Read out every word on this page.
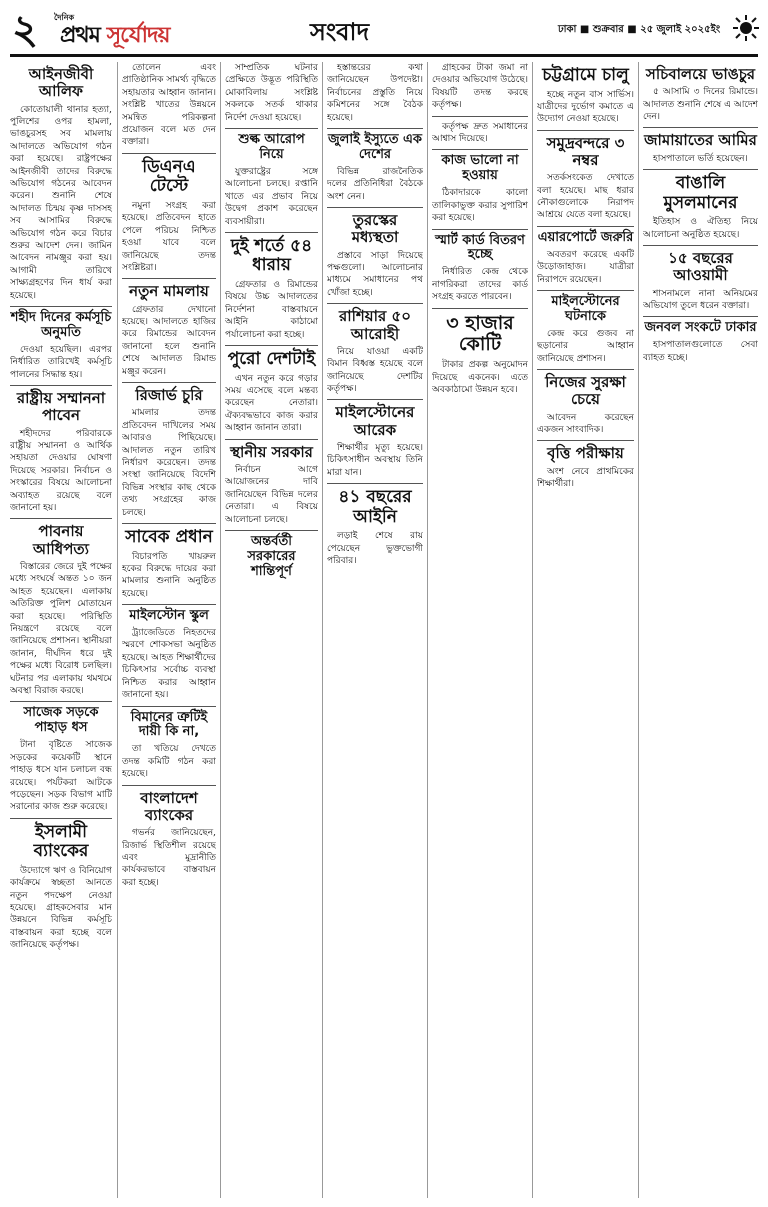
২ দৈনিক
প্রথম সূর্যোদয়	সংবাদ	ঢাকা ■ শুক্রবার ■ ২৫ জুলাই ২০২৫ইং
আইনজীবী আলিফ

কোতোয়ালী থানার হত্যা, পুলিশের ওপর হামলা, ভাঙচুরসহ সব মামলায় আদালতে অভিযোগ গঠন করা হয়েছে। রাষ্ট্রপক্ষের আইনজীবী তাদের বিরুদ্ধে অভিযোগ গঠনের আবেদন করেন। শুনানি শেষে আদালত চিন্ময় কৃষ্ণ দাসসহ সব আসামির বিরুদ্ধে অভিযোগ গঠন করে বিচার শুরুর আদেশ দেন। জামিন আবেদন নামঞ্জুর করা হয়। আগামী তারিখে সাক্ষ্যগ্রহণের দিন ধার্য করা হয়েছে।

শহীদ দিনের কর্মসূচি অনুমতি

দেওয়া হয়েছিল। এরপর নির্ধারিত তারিখেই কর্মসূচি পালনের সিদ্ধান্ত হয়।

রাষ্ট্রীয় সম্মাননা পাবেন

শহীদদের পরিবারকে রাষ্ট্রীয় সম্মাননা ও আর্থিক সহায়তা দেওয়ার ঘোষণা দিয়েছে সরকার। নির্বাচন ও সংস্কারের বিষয়ে আলোচনা অব্যাহত রয়েছে বলে জানানো হয়।

পাবনায় আধিপত্য

বিস্তারের জেরে দুই পক্ষের মধ্যে সংঘর্ষে অন্তত ১০ জন আহত হয়েছেন। এলাকায় অতিরিক্ত পুলিশ মোতায়েন করা হয়েছে। পরিস্থিতি নিয়ন্ত্রণে রয়েছে বলে জানিয়েছে প্রশাসন। স্থানীয়রা জানান, দীর্ঘদিন ধরে দুই পক্ষের মধ্যে বিরোধ চলছিল। ঘটনার পর এলাকায় থমথমে অবস্থা বিরাজ করছে।

সাজেক সড়কে পাহাড় ধস

টানা বৃষ্টিতে সাজেক সড়কের কয়েকটি স্থানে পাহাড় ধসে যান চলাচল বন্ধ রয়েছে। পর্যটকরা আটকে পড়েছেন। সড়ক বিভাগ মাটি সরানোর কাজ শুরু করেছে।

ইসলামী ব্যাংকের

উদ্যোগে ঋণ ও বিনিয়োগ কার্যক্রমে স্বচ্ছতা আনতে নতুন পদক্ষেপ নেওয়া হয়েছে। গ্রাহকসেবার মান উন্নয়নে বিভিন্ন কর্মসূচি বাস্তবায়ন করা হচ্ছে বলে জানিয়েছে কর্তৃপক্ষ।

তোলেন এবং প্রাতিষ্ঠানিক সামর্থ্য বৃদ্ধিতে সহায়তার আহ্বান জানান। সংশ্লিষ্ট খাতের উন্নয়নে সমন্বিত পরিকল্পনা প্রয়োজন বলে মত দেন বক্তারা।

ডিএনএ টেস্টে

নমুনা সংগ্রহ করা হয়েছে। প্রতিবেদন হাতে পেলে পরিচয় নিশ্চিত হওয়া যাবে বলে জানিয়েছে তদন্ত সংশ্লিষ্টরা।

নতুন মামলায়

গ্রেফতার দেখানো হয়েছে। আদালতে হাজির করে রিমান্ডের আবেদন জানানো হলে শুনানি শেষে আদালত রিমান্ড মঞ্জুর করেন।

রিজার্ভ চুরি

মামলার তদন্ত প্রতিবেদন দাখিলের সময় আবারও পিছিয়েছে। আদালত নতুন তারিখ নির্ধারণ করেছেন। তদন্ত সংস্থা জানিয়েছে বিদেশি বিভিন্ন সংস্থার কাছ থেকে তথ্য সংগ্রহের কাজ চলছে।

সাবেক প্রধান

বিচারপতি খায়রুল হকের বিরুদ্ধে দায়ের করা মামলার শুনানি অনুষ্ঠিত হয়েছে।

মাইলস্টোন স্কুল

ট্র্যাজেডিতে নিহতদের স্মরণে শোকসভা অনুষ্ঠিত হয়েছে। আহত শিক্ষার্থীদের চিকিৎসার সর্বোচ্চ ব্যবস্থা নিশ্চিত করার আহ্বান জানানো হয়।

বিমানের ত্রুটিই দায়ী কি না,

তা খতিয়ে দেখতে তদন্ত কমিটি গঠন করা হয়েছে।

বাংলাদেশ ব্যাংকের

গভর্নর জানিয়েছেন, রিজার্ভ স্থিতিশীল রয়েছে এবং মুদ্রানীতি কার্যকরভাবে বাস্তবায়ন করা হচ্ছে।

সাম্প্রতিক ঘটনার প্রেক্ষিতে উদ্ভূত পরিস্থিতি মোকাবিলায় সংশ্লিষ্ট সকলকে সতর্ক থাকার নির্দেশ দেওয়া হয়েছে।

শুল্ক আরোপ নিয়ে

যুক্তরাষ্ট্রের সঙ্গে আলোচনা চলছে। রপ্তানি খাতে এর প্রভাব নিয়ে উদ্বেগ প্রকাশ করেছেন ব্যবসায়ীরা।

দুই শর্তে ৫৪ ধারায়

গ্রেফতার ও রিমান্ডের বিষয়ে উচ্চ আদালতের নির্দেশনা বাস্তবায়নে আইনি কাঠামো পর্যালোচনা করা হচ্ছে।

পুরো দেশটাই

এখন নতুন করে গড়ার সময় এসেছে বলে মন্তব্য করেছেন নেতারা। ঐক্যবদ্ধভাবে কাজ করার আহ্বান জানান তারা।

স্থানীয় সরকার

নির্বাচন আগে আয়োজনের দাবি জানিয়েছেন বিভিন্ন দলের নেতারা। এ বিষয়ে আলোচনা চলছে।

অন্তর্বর্তী সরকারের শান্তিপূর্ণ

হস্তান্তরের কথা জানিয়েছেন উপদেষ্টা। নির্বাচনের প্রস্তুতি নিয়ে কমিশনের সঙ্গে বৈঠক হয়েছে।

জুলাই ইস্যুতে এক দেশের

বিভিন্ন রাজনৈতিক দলের প্রতিনিধিরা বৈঠকে অংশ নেন।

তুরস্কের মধ্যস্থতা

প্রস্তাবে সাড়া দিয়েছে পক্ষগুলো। আলোচনার মাধ্যমে সমাধানের পথ খোঁজা হচ্ছে।

রাশিয়ার ৫০ আরোহী

নিয়ে যাওয়া একটি বিমান বিধ্বস্ত হয়েছে বলে জানিয়েছে দেশটির কর্তৃপক্ষ।

মাইলস্টোনের আরেক

শিক্ষার্থীর মৃত্যু হয়েছে। চিকিৎসাধীন অবস্থায় তিনি মারা যান।

৪১ বছরের আইনি

লড়াই শেষে রায় পেয়েছেন ভুক্তভোগী পরিবার।

গ্রাহকের টাকা জমা না দেওয়ার অভিযোগ উঠেছে। বিষয়টি তদন্ত করছে কর্তৃপক্ষ।

কর্তৃপক্ষ দ্রুত সমাধানের আশ্বাস দিয়েছে।

কাজ ভালো না হওয়ায়

ঠিকাদারকে কালো তালিকাভুক্ত করার সুপারিশ করা হয়েছে।

স্মার্ট কার্ড বিতরণ হচ্ছে

নির্ধারিত কেন্দ্র থেকে নাগরিকরা তাদের কার্ড সংগ্রহ করতে পারবেন।

৩ হাজার কোটি

টাকার প্রকল্প অনুমোদন দিয়েছে একনেক। এতে অবকাঠামো উন্নয়ন হবে।

চট্টগ্রামে চালু

হচ্ছে নতুন বাস সার্ভিস। যাত্রীদের দুর্ভোগ কমাতে এ উদ্যোগ নেওয়া হয়েছে।

সমুদ্রবন্দরে ৩ নম্বর

সতর্কসংকেত দেখাতে বলা হয়েছে। মাছ ধরার নৌকাগুলোকে নিরাপদ আশ্রয়ে যেতে বলা হয়েছে।

এয়ারপোর্টে জরুরি

অবতরণ করেছে একটি উড়োজাহাজ। যাত্রীরা নিরাপদে রয়েছেন।

মাইলস্টোনের ঘটনাকে

কেন্দ্র করে গুজব না ছড়ানোর আহ্বান জানিয়েছে প্রশাসন।

নিজের সুরক্ষা চেয়ে

আবেদন করেছেন একজন সাংবাদিক।

বৃত্তি পরীক্ষায়

অংশ নেবে প্রাথমিকের শিক্ষার্থীরা।

সচিবালয়ে ভাঙচুর

৫ আসামি ৩ দিনের রিমান্ডে। আদালত শুনানি শেষে এ আদেশ দেন।

জামায়াতের আমির

হাসপাতালে ভর্তি হয়েছেন।

বাঙালি মুসলমানের

ইতিহাস ও ঐতিহ্য নিয়ে আলোচনা অনুষ্ঠিত হয়েছে।

১৫ বছরের আওয়ামী

শাসনামলে নানা অনিয়মের অভিযোগ তুলে ধরেন বক্তারা।

জনবল সংকটে ঢাকার

হাসপাতালগুলোতে সেবা ব্যাহত হচ্ছে।
